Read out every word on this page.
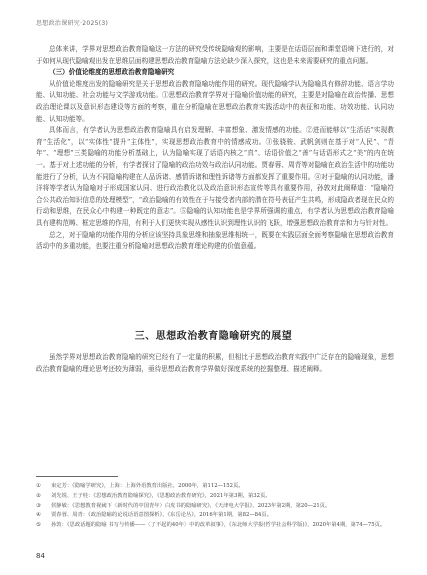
思想政治课研究·2025(3)

总体来讲，学界对思想政治教育隐喻这一方法的研究受传统隐喻观的影响，主要是在话语层面和课堂语境下进行的，对于如何从现代隐喻观出发在思维层面构建思想政治教育隐喻方法论缺少深入探究，这也是未来需要研究的重点问题。

（三）价值论维度的思想政治教育隐喻研究

从价值论维度出发的隐喻研究是关于思想政治教育隐喻功能作用的研究。现代隐喻学认为隐喻具有修辞功能、语言学功能、认知功能、社会功能与文学游戏功能。①思想政治教育学界对于隐喻价值功能的研究，主要是对隐喻在政治传播、思想政治理论课以及意识形态建设等方面的考察，重在分析隐喻在思想政治教育实践活动中的表征和功能、功效功能、认同功能、认知功能等。

具体而言，有学者认为思想政治教育隐喻具有启发理解、丰富想象、激发情感的功能。②进而能够以“生活话”实现教育“生活化”，以“实体性”提升“主体性”，实现思想政治教育中的情感成功。③张骁骏、武帆剑则在基于对“人民”、“青年”、“理想”三类隐喻的功能分析基础上，认为隐喻实现了话语内核之“真”、话语价值之“善”与话语形式之“美”的内在统一。基于对上述功能的分析，有学者探讨了隐喻的政治功效与政治认同功能。贾春蓉、周青等对隐喻在政治生活中的功能功能进行了分析，认为不同隐喻构建在人品诉诸、感情诉诸和理性诉诸等方面都发挥了重要作用。④对于隐喻的认同功能，潘洋将等学者认为隐喻对于形成国家认同、进行政治教化以及政治意识形态宣传等具有重要作用，孙敦对此阐释道：“隐喻符合公共政治知识信息的处理模型”，“政治隐喻的有效性在于与接受者内部的潜在符号表征产生共鸣，形成隐政者现在民众的行动和思维，在民众心中构建一种既定的意志”。⑤隐喻的认知功能也是学界所强调的重点，有学者认为思想政治教育隐喻具有建构范畴、框定思维的作用，有利于人们更快实现从感性认识到理性认识的飞跃，增强思想政治教育亲和力与针对性。

总之，对于隐喻的功能作用的分析应该坚持具象思维和抽象思维相统一，既要在实践层面全面考察隐喻在思想政治教育活动中的多重功能，也要注重分析隐喻对思想政治教育理论构建的价值意蕴。

三、思想政治教育隐喻研究的展望

虽然学界对思想政治教育隐喻的研究已经有了一定量的积累，但相比于思想政治教育实践中广泛存在的隐喻现象，思想政治教育隐喻的理论思考还较为薄弱，亟待思想政治教育学界做好深度系统的挖掘整理、描述阐释。

①	束定芳：《隐喻学研究》，上海：上海外语教育出版社，2000年，第112—152页。
②	刘先锐、王子桂：《思想政治教育隐喻探究》，《思想政治教育研究》，2021年第3期，第32页。
③	侯静敏：《思想教育视阈下〈新时代的中国青年〉白皮书的隐喻研究》，《天津电大学报》，2023年第2期，第20—21页。
④	贾春蓉、周青：《政治隐喻的论说话语意图探析》，《东岳论丛》，2016年第1期，第82—84页。
⑤	孙敦：《思政话题的隐喻 书写与传播——〈了不起的40年〉中的改革叙事》，《东北师大学报(哲学社会科学版)》，2020年第4期，第74—75页。
84
